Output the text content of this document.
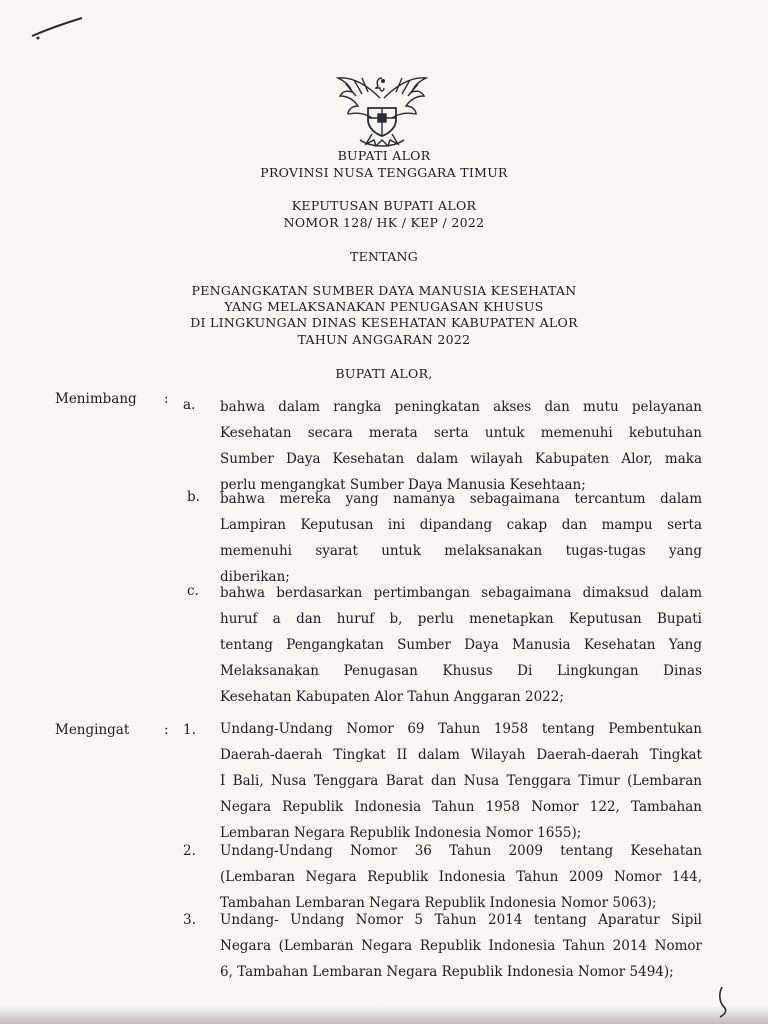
BUPATI ALOR
PROVINSI NUSA TENGGARA TIMUR
KEPUTUSAN BUPATI ALOR
NOMOR 128/ HK / KEP / 2022
TENTANG
PENGANGKATAN SUMBER DAYA MANUSIA KESEHATAN
YANG MELAKSANAKAN PENUGASAN KHUSUS
DI LINGKUNGAN DINAS KESEHATAN KABUPATEN ALOR
TAHUN ANGGARAN 2022
BUPATI ALOR,
Menimbang : a. bahwa dalam rangka peningkatan akses dan mutu pelayanan
Kesehatan secara merata serta untuk memenuhi kebutuhan
Sumber Daya Kesehatan dalam wilayah Kabupaten Alor, maka
perlu mengangkat Sumber Daya Manusia Kesehtaan;
b. bahwa mereka yang namanya sebagaimana tercantum dalam
Lampiran Keputusan ini dipandang cakap dan mampu serta
memenuhi syarat untuk melaksanakan tugas-tugas yang
diberikan;
c. bahwa berdasarkan pertimbangan sebagaimana dimaksud dalam
huruf a dan huruf b, perlu menetapkan Keputusan Bupati
tentang Pengangkatan Sumber Daya Manusia Kesehatan Yang
Melaksanakan Penugasan Khusus Di Lingkungan Dinas
Kesehatan Kabupaten Alor Tahun Anggaran 2022;
Mengingat	: 1. Undang-Undang Nomor 69 Tahun 1958 tentang Pembentukan
Daerah-daerah Tingkat II dalam Wilayah Daerah-daerah Tingkat
I Bali, Nusa Tenggara Barat dan Nusa Tenggara Timur (Lembaran
Negara Republik Indonesia Tahun 1958 Nomor 122, Tambahan
Lembaran Negara Republik Indonesia Nomor 1655);
2. Undang-Undang Nomor 36 Tahun 2009 tentang Kesehatan
(Lembaran Negara Republik Indonesia Tahun 2009 Nomor 144,
Tambahan Lembaran Negara Republik Indonesia Nomor 5063);
3. Undang- Undang Nomor 5 Tahun 2014 tentang Aparatur Sipil
Negara (Lembaran Negara Republik Indonesia Tahun 2014 Nomor
6, Tambahan Lembaran Negara Republik Indonesia Nomor 5494);
